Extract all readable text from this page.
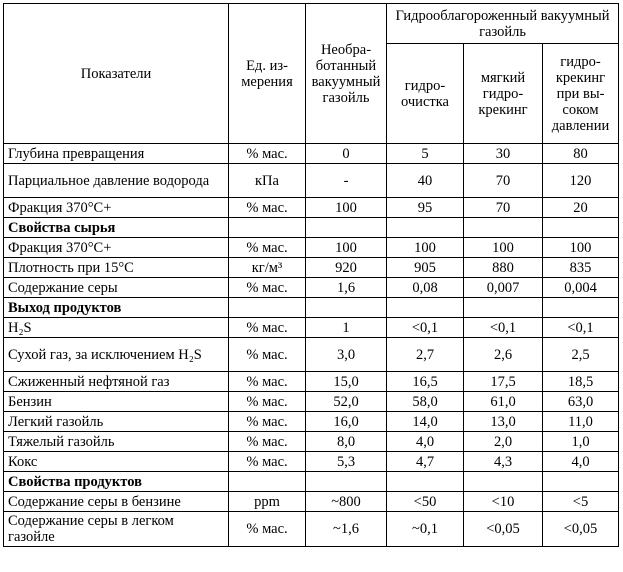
Показатели	Ед. измерения	Необработанный вакуумный газойль	Гидрооблагороженный вакуумный газойль		
			гидроочистка	мягкий гидрокрекинг	гидрокрекинг при высоком давлении
Глубина превращения	% мас.	0	5	30	80
Парциальное давление водорода	кПа	-	40	70	120
Фракция 370°С+	% мас.	100	95	70	20
Свойства сырья					
Фракция 370°С+	% мас.	100	100	100	100
Плотность при 15°С	кг/м³	920	905	880	835
Содержание серы	% мас.	1,6	0,08	0,007	0,004
Выход продуктов					
H₂S	% мас.	1	<0,1	<0,1	<0,1
Сухой газ, за исключением H₂S	% мас.	3,0	2,7	2,6	2,5
Сжиженный нефтяной газ	% мас.	15,0	16,5	17,5	18,5
Бензин	% мас.	52,0	58,0	61,0	63,0
Легкий газойль	% мас.	16,0	14,0	13,0	11,0
Тяжелый газойль	% мас.	8,0	4,0	2,0	1,0
Кокс	% мас.	5,3	4,7	4,3	4,0
Свойства продуктов					
Содержание серы в бензине	ppm	~800	<50	<10	<5
Содержание серы в легком газойле	% мас.	~1,6	~0,1	<0,05	<0,05
